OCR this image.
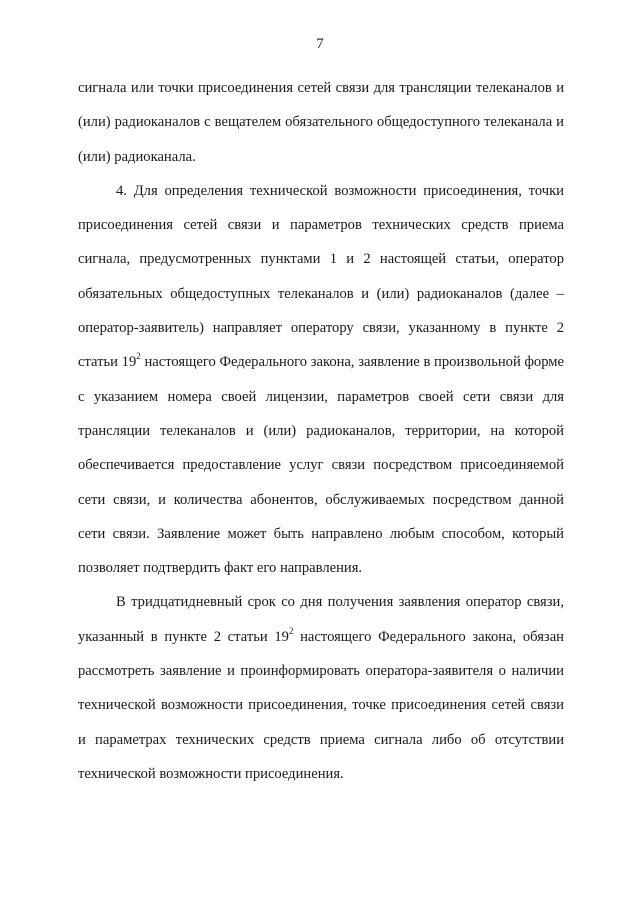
7

сигнала или точки присоединения сетей связи для трансляции телеканалов и (или) радиоканалов с вещателем обязательного общедоступного телеканала и (или) радиоканала.

4. Для определения технической возможности присоединения, точки присоединения сетей связи и параметров технических средств приема сигнала, предусмотренных пунктами 1 и 2 настоящей статьи, оператор обязательных общедоступных телеканалов и (или) радиоканалов (далее – оператор-заявитель) направляет оператору связи, указанному в пункте 2 статьи $19^2$ настоящего Федерального закона, заявление в произвольной форме с указанием номера своей лицензии, параметров своей сети связи для трансляции телеканалов и (или) радиоканалов, территории, на которой обеспечивается предоставление услуг связи посредством присоединяемой сети связи, и количества абонентов, обслуживаемых посредством данной сети связи. Заявление может быть направлено любым способом, который позволяет подтвердить факт его направления.

В тридцатидневный срок со дня получения заявления оператор связи, указанный в пункте 2 статьи $19^2$ настоящего Федерального закона, обязан рассмотреть заявление и проинформировать оператора-заявителя о наличии технической возможности присоединения, точке присоединения сетей связи и параметрах технических средств приема сигнала либо об отсутствии технической возможности присоединения.
